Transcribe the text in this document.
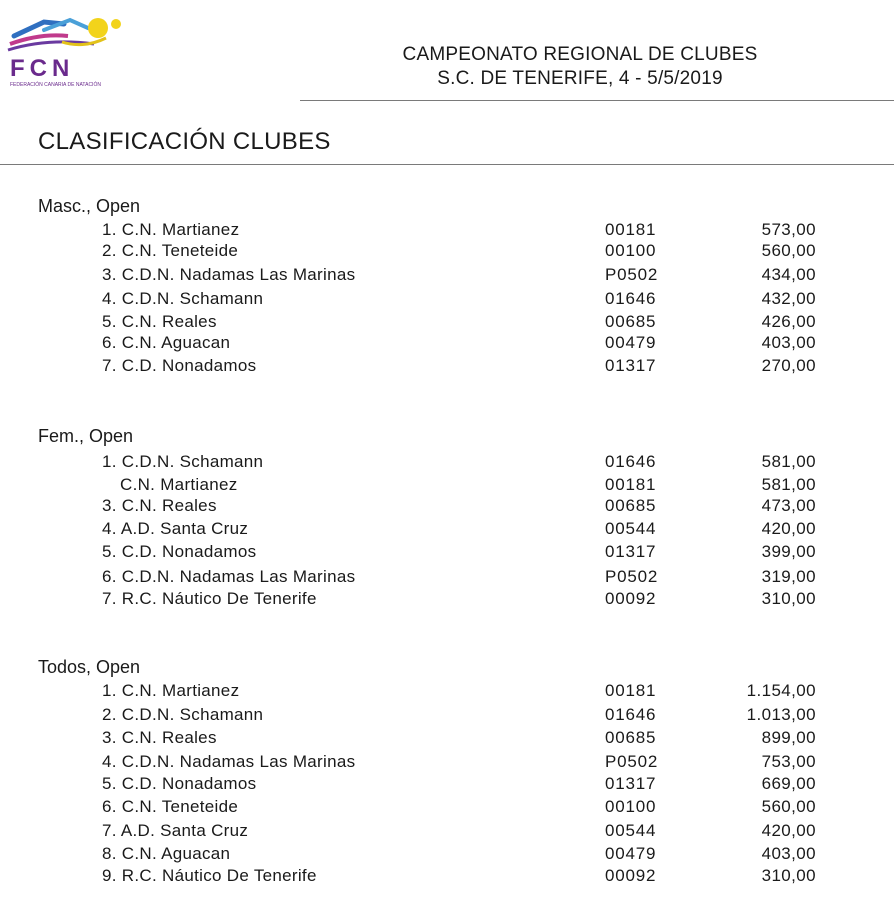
FCN
FEDERACIÓN CANARIA DE NATACIÓN
CAMPEONATO REGIONAL DE CLUBES
S.C. DE TENERIFE, 4 - 5/5/2019
CLASIFICACIÓN CLUBES
Masc., Open
1. C.N. Martianez	00181	573,00
2. C.N. Teneteide	00100	560,00
3. C.D.N. Nadamas Las Marinas	P0502	434,00
4. C.D.N. Schamann	01646	432,00
5. C.N. Reales	00685	426,00
6. C.N. Aguacan	00479	403,00
7. C.D. Nonadamos	01317	270,00
Fem., Open
1. C.D.N. Schamann	01646	581,00
C.N. Martianez	00181	581,00
3. C.N. Reales	00685	473,00
4. A.D. Santa Cruz	00544	420,00
5. C.D. Nonadamos	01317	399,00
6. C.D.N. Nadamas Las Marinas	P0502	319,00
7. R.C. Náutico De Tenerife	00092	310,00
Todos, Open
1. C.N. Martianez	00181	1.154,00
2. C.D.N. Schamann	01646	1.013,00
3. C.N. Reales	00685	899,00
4. C.D.N. Nadamas Las Marinas	P0502	753,00
5. C.D. Nonadamos	01317	669,00
6. C.N. Teneteide	00100	560,00
7. A.D. Santa Cruz	00544	420,00
8. C.N. Aguacan	00479	403,00
9. R.C. Náutico De Tenerife	00092	310,00
